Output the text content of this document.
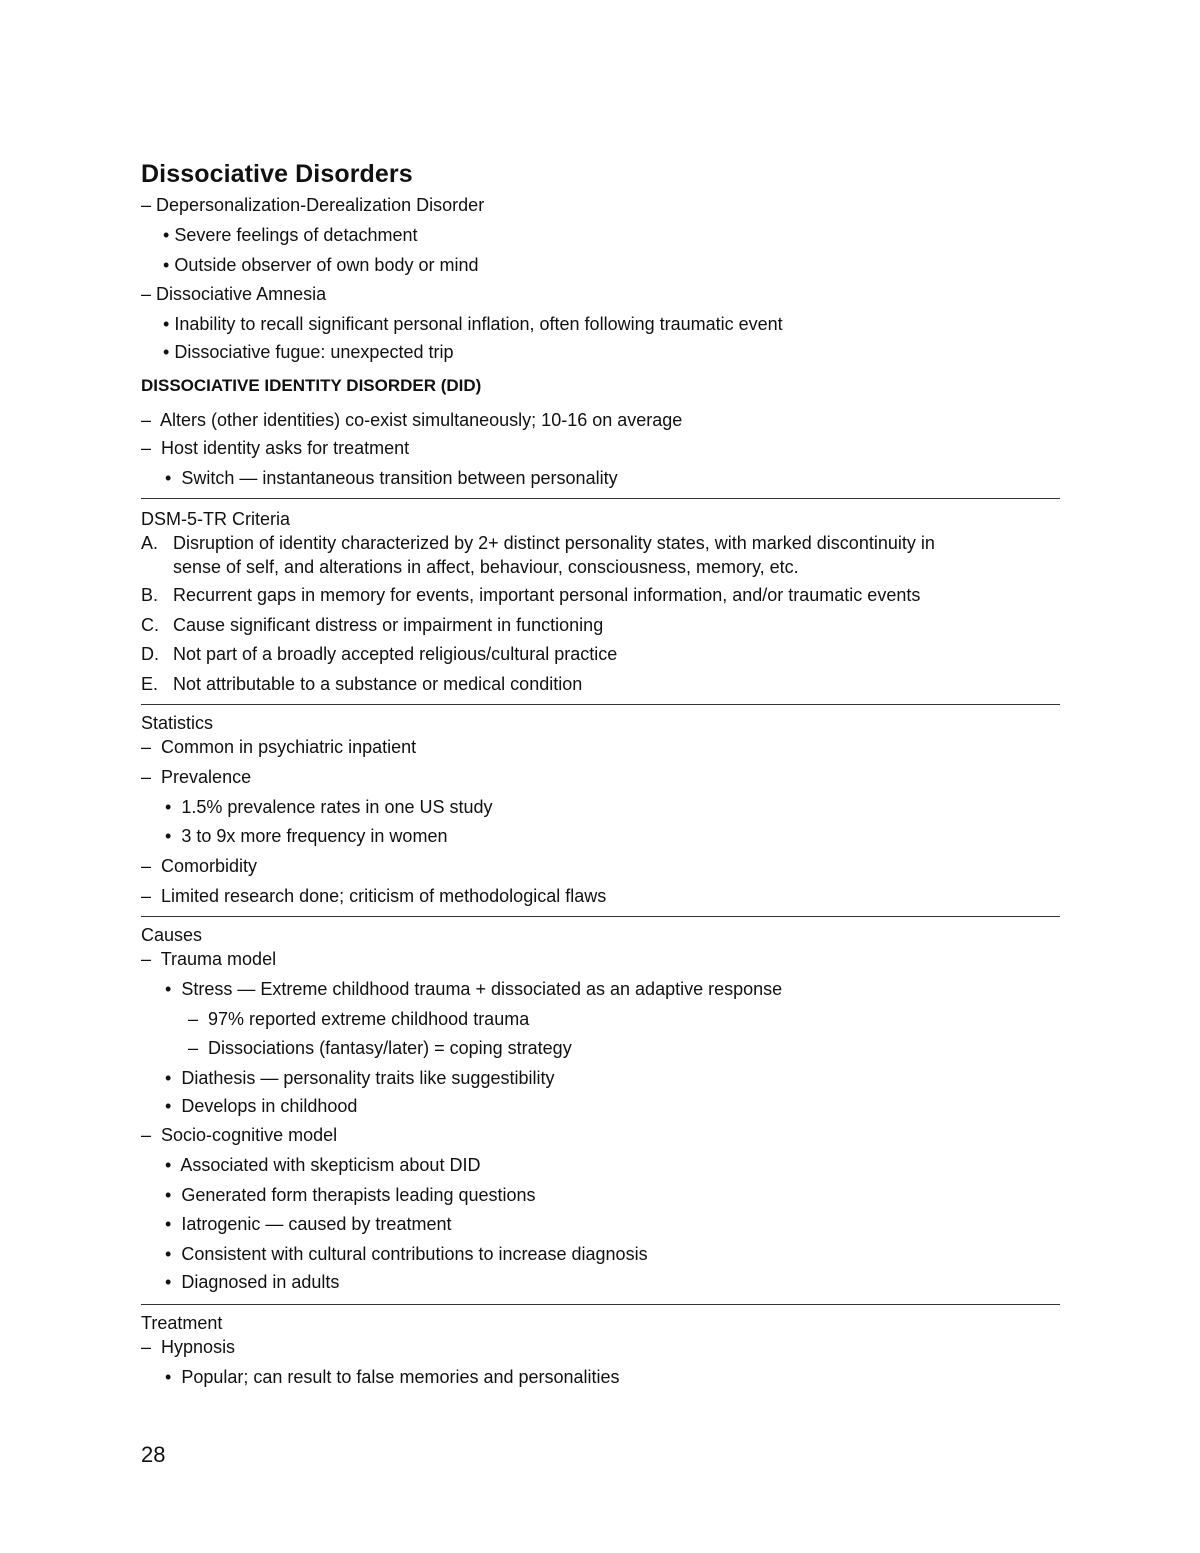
Dissociative Disorders
– Depersonalization-Derealization Disorder
• Severe feelings of detachment
• Outside observer of own body or mind
– Dissociative Amnesia
• Inability to recall significant personal inflation, often following traumatic event
• Dissociative fugue: unexpected trip
DISSOCIATIVE IDENTITY DISORDER (DID)
– Alters (other identities) co-exist simultaneously; 10-16 on average
– Host identity asks for treatment
• Switch — instantaneous transition between personality
DSM-5-TR Criteria
A. Disruption of identity characterized by 2+ distinct personality states, with marked discontinuity in
sense of self, and alterations in affect, behaviour, consciousness, memory, etc.
B. Recurrent gaps in memory for events, important personal information, and/or traumatic events
C. Cause significant distress or impairment in functioning
D. Not part of a broadly accepted religious/cultural practice
E. Not attributable to a substance or medical condition
Statistics
– Common in psychiatric inpatient
– Prevalence
• 1.5% prevalence rates in one US study
• 3 to 9x more frequency in women
– Comorbidity
– Limited research done; criticism of methodological flaws
Causes
– Trauma model
• Stress — Extreme childhood trauma + dissociated as an adaptive response
– 97% reported extreme childhood trauma
– Dissociations (fantasy/later) = coping strategy
• Diathesis — personality traits like suggestibility
• Develops in childhood
– Socio-cognitive model
• Associated with skepticism about DID
• Generated form therapists leading questions
• Iatrogenic — caused by treatment
• Consistent with cultural contributions to increase diagnosis
• Diagnosed in adults
Treatment
– Hypnosis
• Popular; can result to false memories and personalities
28
